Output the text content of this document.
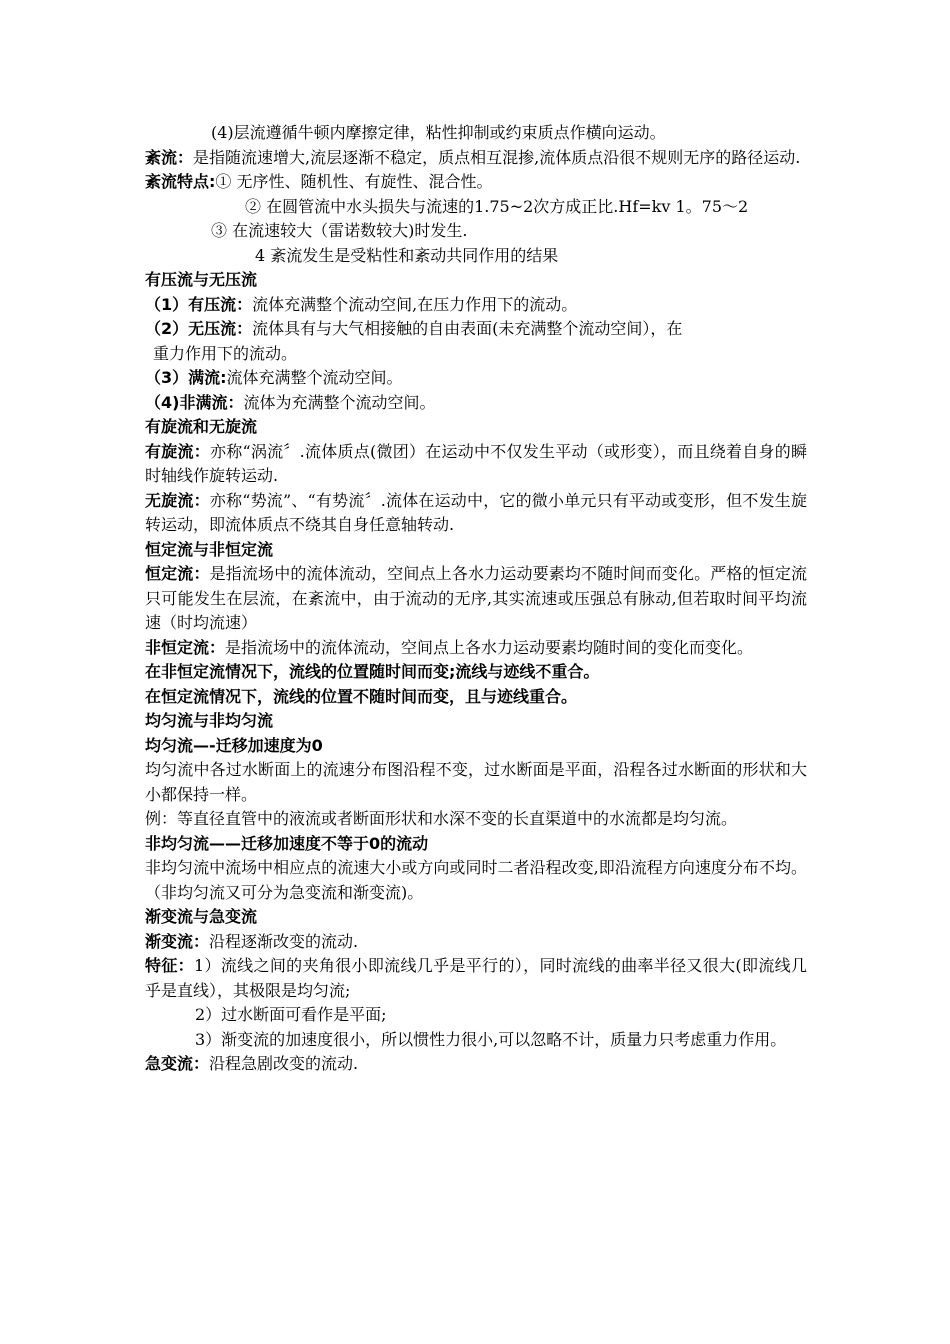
(4)层流遵循牛顿内摩擦定律，粘性抑制或约束质点作横向运动。

紊流：是指随流速增大,流层逐渐不稳定，质点相互混掺,流体质点沿很不规则无序的路径运动.

紊流特点:① 无序性、随机性、有旋性、混合性。

② 在圆管流中水头损失与流速的1.75~2次方成正比.Hf=kv 1。75～2

③ 在流速较大（雷诺数较大)时发生.

4 紊流发生是受粘性和紊动共同作用的结果

有压流与无压流

（1）有压流：流体充满整个流动空间,在压力作用下的流动。

（2）无压流：流体具有与大气相接触的自由表面(未充满整个流动空间），在

重力作用下的流动。

（3）满流:流体充满整个流动空间。

（4)非满流：流体为充满整个流动空间。

有旋流和无旋流

有旋流：亦称“涡流〞.流体质点(微团）在运动中不仅发生平动（或形变），而且绕着自身的瞬时轴线作旋转运动.

无旋流：亦称“势流”、“有势流〞.流体在运动中，它的微小单元只有平动或变形，但不发生旋转运动，即流体质点不绕其自身任意轴转动.

恒定流与非恒定流

恒定流：是指流场中的流体流动，空间点上各水力运动要素均不随时间而变化。严格的恒定流只可能发生在层流，在紊流中，由于流动的无序,其实流速或压强总有脉动,但若取时间平均流速（时均流速）

非恒定流：是指流场中的流体流动，空间点上各水力运动要素均随时间的变化而变化。

在非恒定流情况下，流线的位置随时间而变;流线与迹线不重合。

在恒定流情况下，流线的位置不随时间而变，且与迹线重合。

均匀流与非均匀流

均匀流—-迁移加速度为0

均匀流中各过水断面上的流速分布图沿程不变，过水断面是平面，沿程各过水断面的形状和大小都保持一样。

例：等直径直管中的液流或者断面形状和水深不变的长直渠道中的水流都是均匀流。

非均匀流——迁移加速度不等于0的流动

非均匀流中流场中相应点的流速大小或方向或同时二者沿程改变,即沿流程方向速度分布不均。（非均匀流又可分为急变流和渐变流)。

渐变流与急变流

渐变流：沿程逐渐改变的流动.

特征：1）流线之间的夹角很小即流线几乎是平行的），同时流线的曲率半径又很大(即流线几乎是直线），其极限是均匀流;

2）过水断面可看作是平面;

3）渐变流的加速度很小，所以惯性力很小,可以忽略不计，质量力只考虑重力作用。

急变流：沿程急剧改变的流动.
